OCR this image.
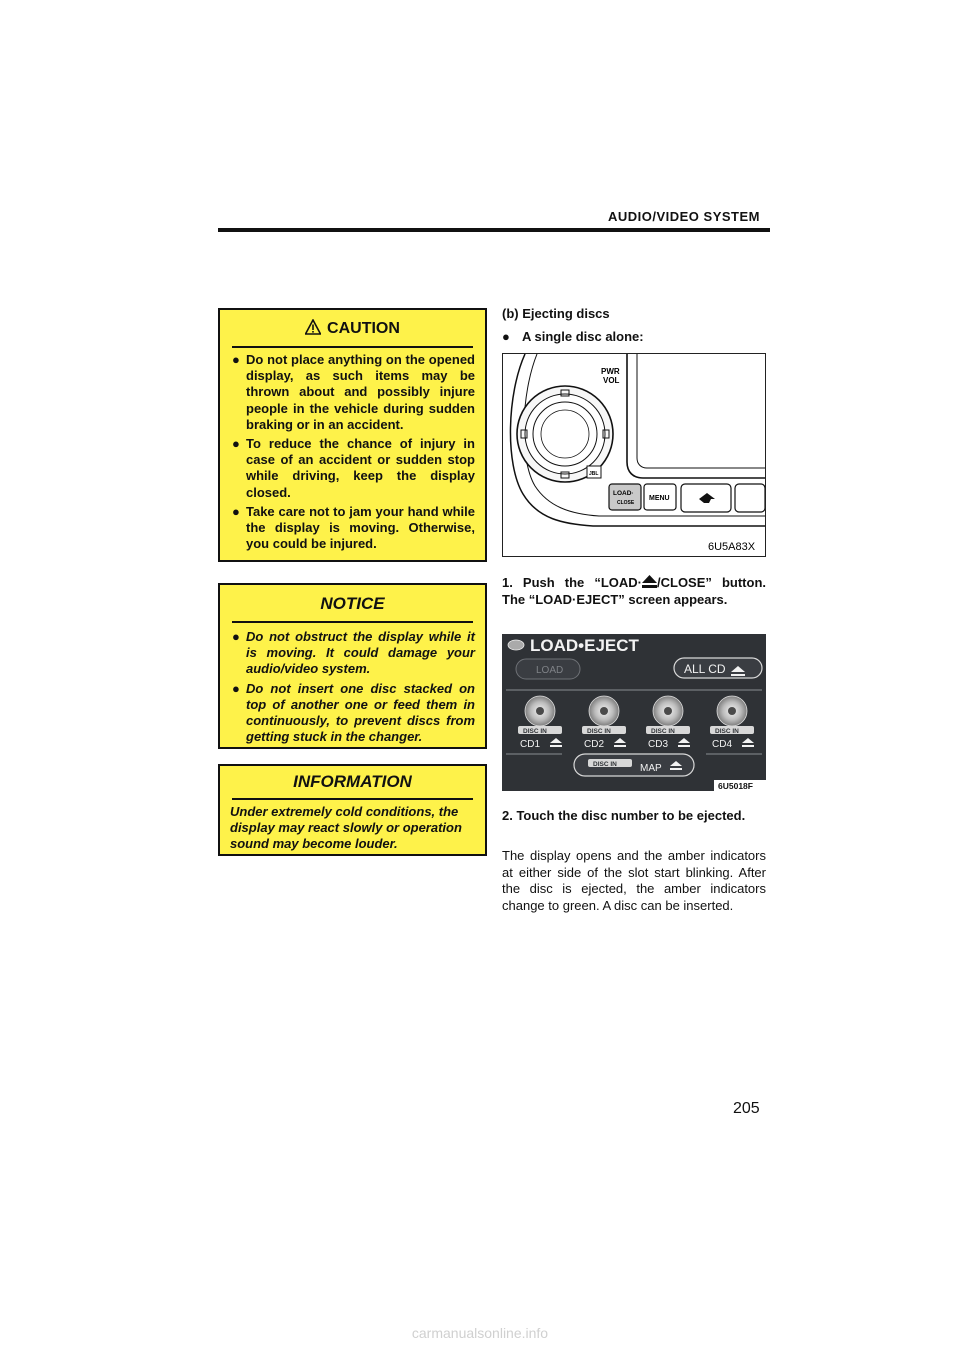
AUDIO/VIDEO SYSTEM
CAUTION
● Do not place anything on the opened display, as such items may be thrown about and possibly injure people in the vehicle during sudden braking or in an accident.
● To reduce the chance of injury in case of an accident or sudden stop while driving, keep the display closed.
● Take care not to jam your hand while the display is moving. Otherwise, you could be injured.
NOTICE
● Do not obstruct the display while it is moving. It could damage your audio/video system.
● Do not insert one disc stacked on top of another one or feed them in continuously, to prevent discs from getting stuck in the changer.
INFORMATION
Under extremely cold conditions, the display may react slowly or operation sound may become louder.
(b) Ejecting discs
● A single disc alone:
PWR
VOL
JBL
LOAD·
CLOSE
MENU
6U5A83X
1. Push the “LOAD· /CLOSE” button. The “LOAD·EJECT” screen appears.
LOAD•EJECT
LOAD	ALL CD
DISC IN
CD1
DISC IN
CD2
DISC IN
CD3
DISC IN
CD4
DISC IN MAP
6U5018F
2. Touch the disc number to be ejected.
The display opens and the amber indicators at either side of the slot start blinking. After the disc is ejected, the amber indicators change to green. A disc can be inserted.
205
carmanualsonline.info
